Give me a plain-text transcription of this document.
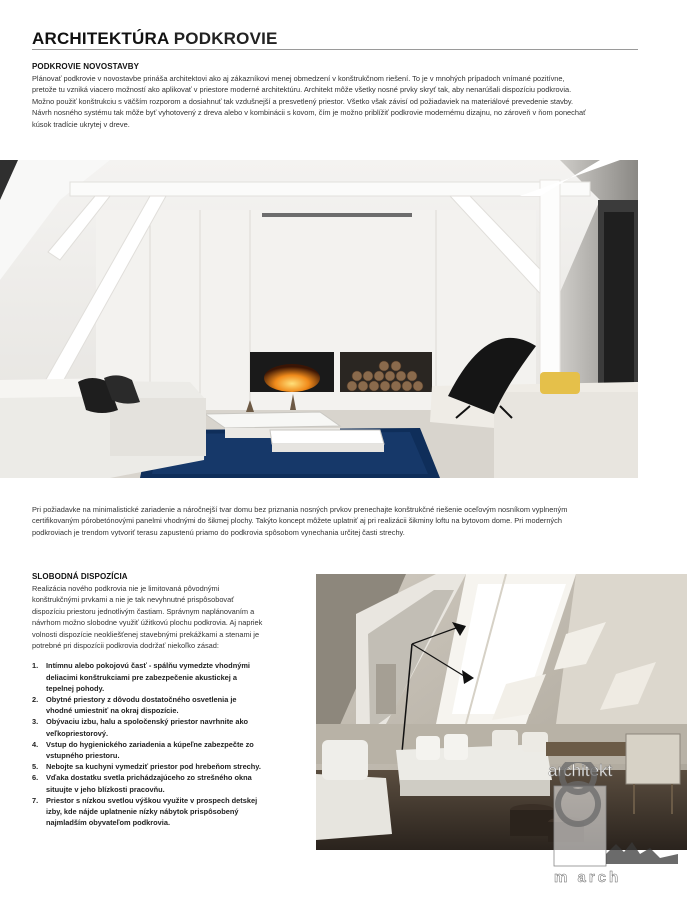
ARCHITEKTÚRA PODKROVIE
PODKROVIE NOVOSTAVBY
Plánovať podkrovie v novostavbe prináša architektovi ako aj zákazníkovi menej obmedzení v konštrukčnom riešení. To je v mnohých prípadoch vnímané pozitívne,
pretože tu vzniká viacero možností ako aplikovať v priestore moderné architektúru. Architekt môže všetky nosné prvky skryť tak, aby nenarúšali dispozíciu podkrovia.
Možno použiť konštrukciu s väčším rozporom a dosiahnuť tak vzdušnejší a presvetlený priestor. Všetko však závisí od požiadaviek na materiálové prevedenie stavby.
Návrh nosného systému tak môže byť vyhotovený z dreva alebo v kombinácii s kovom, čím je možno priblížiť podkrovie modernému dizajnu, no zároveň v ňom ponechať
kúsok tradície ukrytej v dreve.
Pri požiadavke na minimalistické zariadenie a náročnejší tvar domu bez priznania nosných prvkov prenechajte konštrukčné riešenie oceľovým nosníkom vyplneným
certifikovaným pórobetónovými panelmi vhodnými do šikmej plochy. Takýto koncept môžete uplatniť aj pri realizácii šikminy loftu na bytovom dome. Pri moderných
podkroviach je trendom vytvoriť terasu zapustenú priamo do podkrovia spôsobom vynechania určitej časti strechy.
SLOBODNÁ DISPOZÍCIA
Realizácia nového podkrovia nie je limitovaná pôvodnými
konštrukčnými prvkami a nie je tak nevyhnutné prispôsobovať
dispozíciu priestoru jednotlivým častiam. Správnym naplánovaním a
návrhom možno slobodne využiť úžitkovú plochu podkrovia. Aj napriek
volnosti dispozície neokliešťenej stavebnými prekážkami a stenami je
potrebné pri dispozícii podkrovia dodržať niekoľko zásad:
1.	Intímnu alebo pokojovú časť - spálňu vymedzte vhodnými
deliacimi konštrukciami pre zabezpečenie akustickej a
tepelnej pohody.
2.	Obytné priestory z dôvodu dostatočného osvetlenia je
vhodné umiestniť na okraj dispozície.
3.	Obývaciu izbu, halu a spoločenský priestor navrhnite ako
veľkopriestorový.
4.	Vstup do hygienického zariadenia a kúpeľne zabezpečte zo
vstupného priestoru.
5.	Nebojte sa kuchyni vymedziť priestor pod hrebeňom strechy.
6.	Vďaka dostatku svetla prichádzajúceho zo strešného okna
situujte v jeho blízkosti pracovňu.
7.	Priestor s nízkou svetlou výškou využite v prospech detskej
izby, kde nájde uplatnenie nízky nábytok prispôsobený
najmladším obyvateľom podkrovia.
architekt
m arch
